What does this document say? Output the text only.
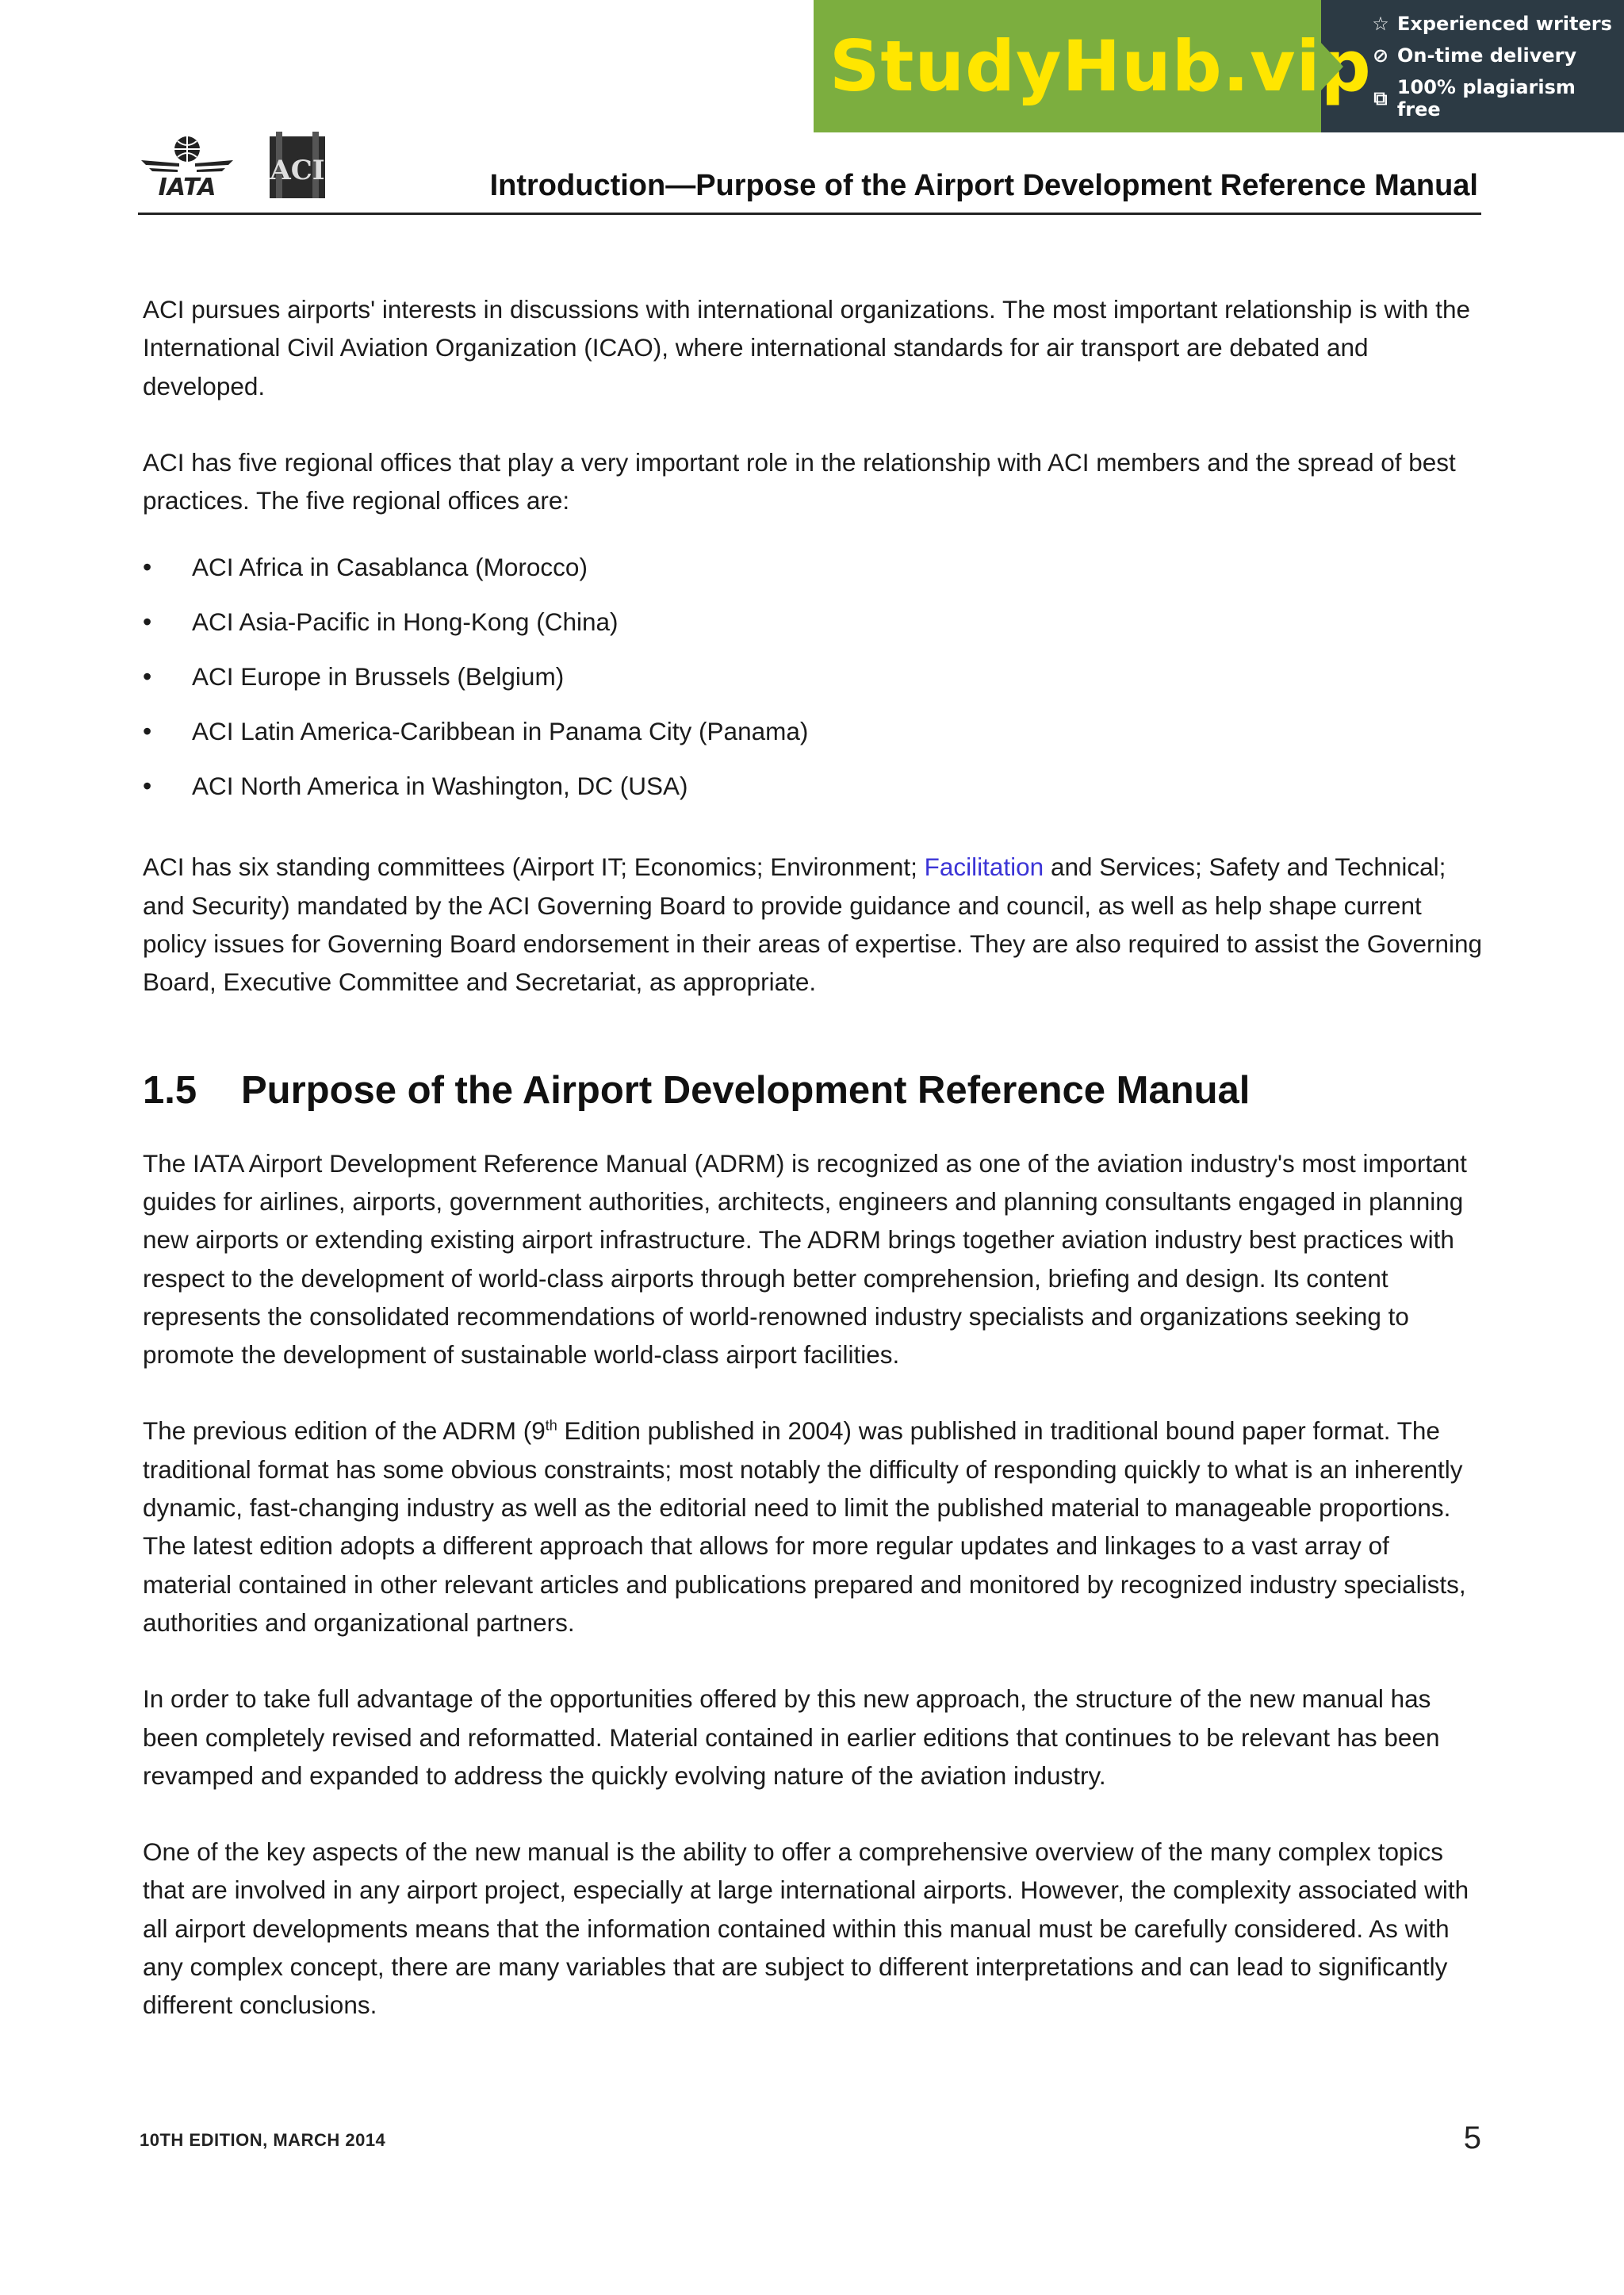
StudyHub.vip
☆ Experienced writers
⊘ On-time delivery
⧉ 100% plagiarism free
IATA
ACI	Introduction—Purpose of the Airport Development Reference Manual

ACI pursues airports' interests in discussions with international organizations. The most important relationship is with the International Civil Aviation Organization (ICAO), where international standards for air transport are debated and developed.

ACI has five regional offices that play a very important role in the relationship with ACI members and the spread of best practices. The five regional offices are:

• ACI Africa in Casablanca (Morocco)
• ACI Asia-Pacific in Hong-Kong (China)
• ACI Europe in Brussels (Belgium)
• ACI Latin America-Caribbean in Panama City (Panama)
• ACI North America in Washington, DC (USA)

ACI has six standing committees (Airport IT; Economics; Environment; Facilitation and Services; Safety and Technical; and Security) mandated by the ACI Governing Board to provide guidance and council, as well as help shape current policy issues for Governing Board endorsement in their areas of expertise. They are also required to assist the Governing Board, Executive Committee and Secretariat, as appropriate.

1.5	Purpose of the Airport Development Reference Manual

The IATA Airport Development Reference Manual (ADRM) is recognized as one of the aviation industry's most important guides for airlines, airports, government authorities, architects, engineers and planning consultants engaged in planning new airports or extending existing airport infrastructure. The ADRM brings together aviation industry best practices with respect to the development of world-class airports through better comprehension, briefing and design. Its content represents the consolidated recommendations of world-renowned industry specialists and organizations seeking to promote the development of sustainable world-class airport facilities.

The previous edition of the ADRM (9th Edition published in 2004) was published in traditional bound paper format. The traditional format has some obvious constraints; most notably the difficulty of responding quickly to what is an inherently dynamic, fast-changing industry as well as the editorial need to limit the published material to manageable proportions. The latest edition adopts a different approach that allows for more regular updates and linkages to a vast array of material contained in other relevant articles and publications prepared and monitored by recognized industry specialists, authorities and organizational partners.

In order to take full advantage of the opportunities offered by this new approach, the structure of the new manual has been completely revised and reformatted. Material contained in earlier editions that continues to be relevant has been revamped and expanded to address the quickly evolving nature of the aviation industry.

One of the key aspects of the new manual is the ability to offer a comprehensive overview of the many complex topics that are involved in any airport project, especially at large international airports. However, the complexity associated with all airport developments means that the information contained within this manual must be carefully considered. As with any complex concept, there are many variables that are subject to different interpretations and can lead to significantly different conclusions.

10TH EDITION, MARCH 2014	5
